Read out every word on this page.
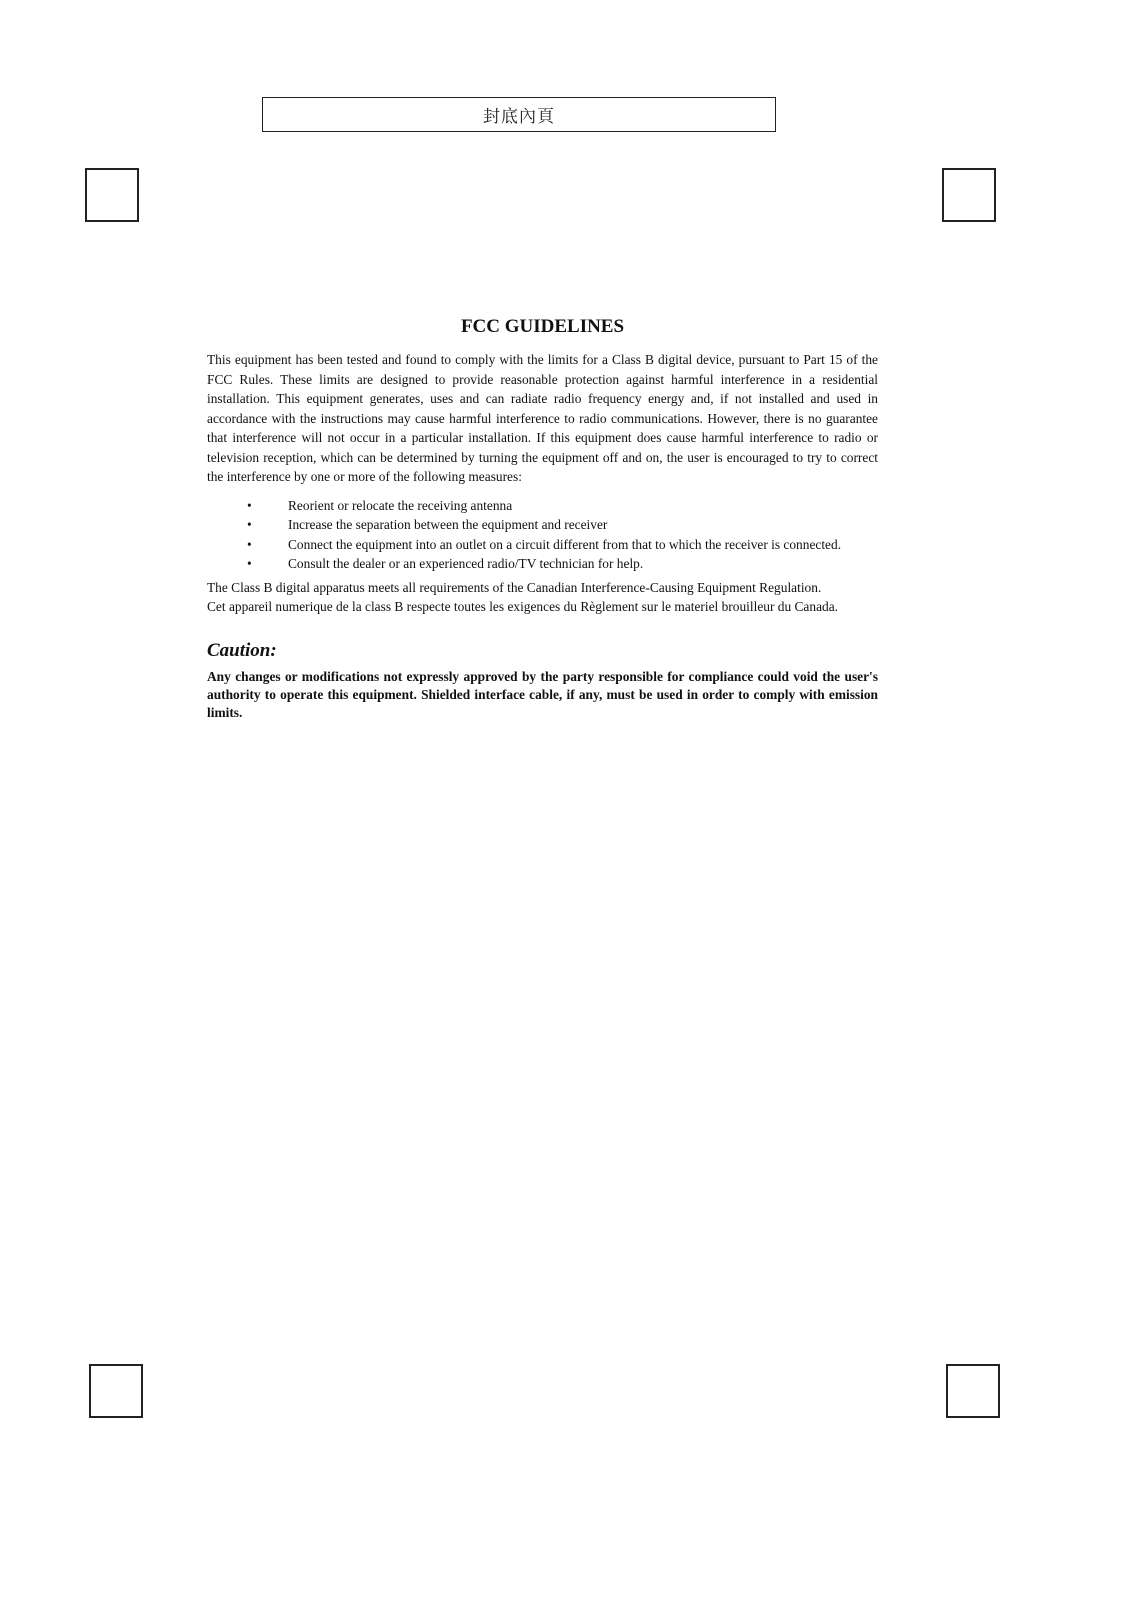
封底內頁
FCC GUIDELINES

This equipment has been tested and found to comply with the limits for a Class B digital device, pursuant to Part 15 of the FCC Rules. These limits are designed to provide reasonable protection against harmful interference in a residential installation. This equipment generates, uses and can radiate radio frequency energy and, if not installed and used in accordance with the instructions may cause harmful interference to radio communications. However, there is no guarantee that interference will not occur in a particular installation. If this equipment does cause harmful interference to radio or television reception, which can be determined by turning the equipment off and on, the user is encouraged to try to correct the interference by one or more of the following measures:

•	Reorient or relocate the receiving antenna
•	Increase the separation between the equipment and receiver
•	Connect the equipment into an outlet on a circuit different from that to which the receiver is connected.
•	Consult the dealer or an experienced radio/TV technician for help.

The Class B digital apparatus meets all requirements of the Canadian Interference-Causing Equipment Regulation.

Cet appareil numerique de la class B respecte toutes les exigences du Règlement sur le materiel brouilleur du Canada.

Caution:

Any changes or modifications not expressly approved by the party responsible for compliance could void the user's authority to operate this equipment. Shielded interface cable, if any, must be used in order to comply with emission limits.
